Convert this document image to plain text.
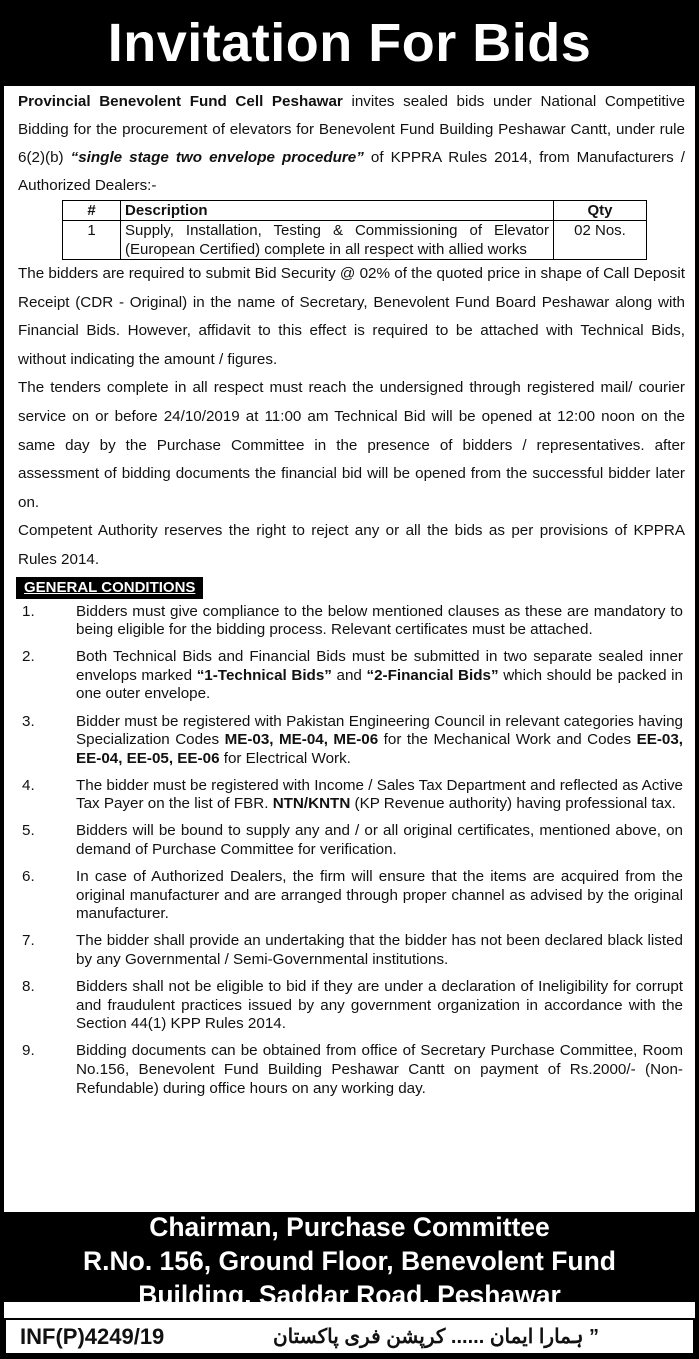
Invitation For Bids

Provincial Benevolent Fund Cell Peshawar invites sealed bids under National Competitive Bidding for the procurement of elevators for Benevolent Fund Building Peshawar Cantt, under rule 6(2)(b) “single stage two envelope procedure” of KPPRA Rules 2014, from Manufacturers / Authorized Dealers:-

#	Description	Qty
1	Supply, Installation, Testing & Commissioning of Elevator (European Certified) complete in all respect with allied works	02 Nos.

The bidders are required to submit Bid Security @ 02% of the quoted price in shape of Call Deposit Receipt (CDR - Original) in the name of Secretary, Benevolent Fund Board Peshawar along with Financial Bids. However, affidavit to this effect is required to be attached with Technical Bids, without indicating the amount / figures.

The tenders complete in all respect must reach the undersigned through registered mail/ courier service on or before 24/10/2019 at 11:00 am Technical Bid will be opened at 12:00 noon on the same day by the Purchase Committee in the presence of bidders / representatives. after assessment of bidding documents the financial bid will be opened from the successful bidder later on.

Competent Authority reserves the right to reject any or all the bids as per provisions of KPPRA Rules 2014.

GENERAL CONDITIONS
1.	Bidders must give compliance to the below mentioned clauses as these are mandatory to being eligible for the bidding process. Relevant certificates must be attached.
2.	Both Technical Bids and Financial Bids must be submitted in two separate sealed inner envelops marked “1-Technical Bids” and “2-Financial Bids” which should be packed in one outer envelope.
3.	Bidder must be registered with Pakistan Engineering Council in relevant categories having Specialization Codes ME-03, ME-04, ME-06 for the Mechanical Work and Codes EE-03, EE-04, EE-05, EE-06 for Electrical Work.
4.	The bidder must be registered with Income / Sales Tax Department and reflected as Active Tax Payer on the list of FBR. NTN/KNTN (KP Revenue authority) having professional tax.
5.	Bidders will be bound to supply any and / or all original certificates, mentioned above, on demand of Purchase Committee for verification.
6.	In case of Authorized Dealers, the firm will ensure that the items are acquired from the original manufacturer and are arranged through proper channel as advised by the original manufacturer.
7.	The bidder shall provide an undertaking that the bidder has not been declared black listed by any Governmental / Semi-Governmental institutions.
8.	Bidders shall not be eligible to bid if they are under a declaration of Ineligibility for corrupt and fraudulent practices issued by any government organization in accordance with the Section 44(1) KPP Rules 2014.
9.	Bidding documents can be obtained from office of Secretary Purchase Committee, Room No.156, Benevolent Fund Building Peshawar Cantt on payment of Rs.2000/- (Non-Refundable) during office hours on any working day.
Chairman, Purchase Committee
R.No. 156, Ground Floor, Benevolent Fund
Building, Saddar Road, Peshawar
INF(P)4249/19	” ہمارا ایمان ...... کرپشن فری پاکستان
